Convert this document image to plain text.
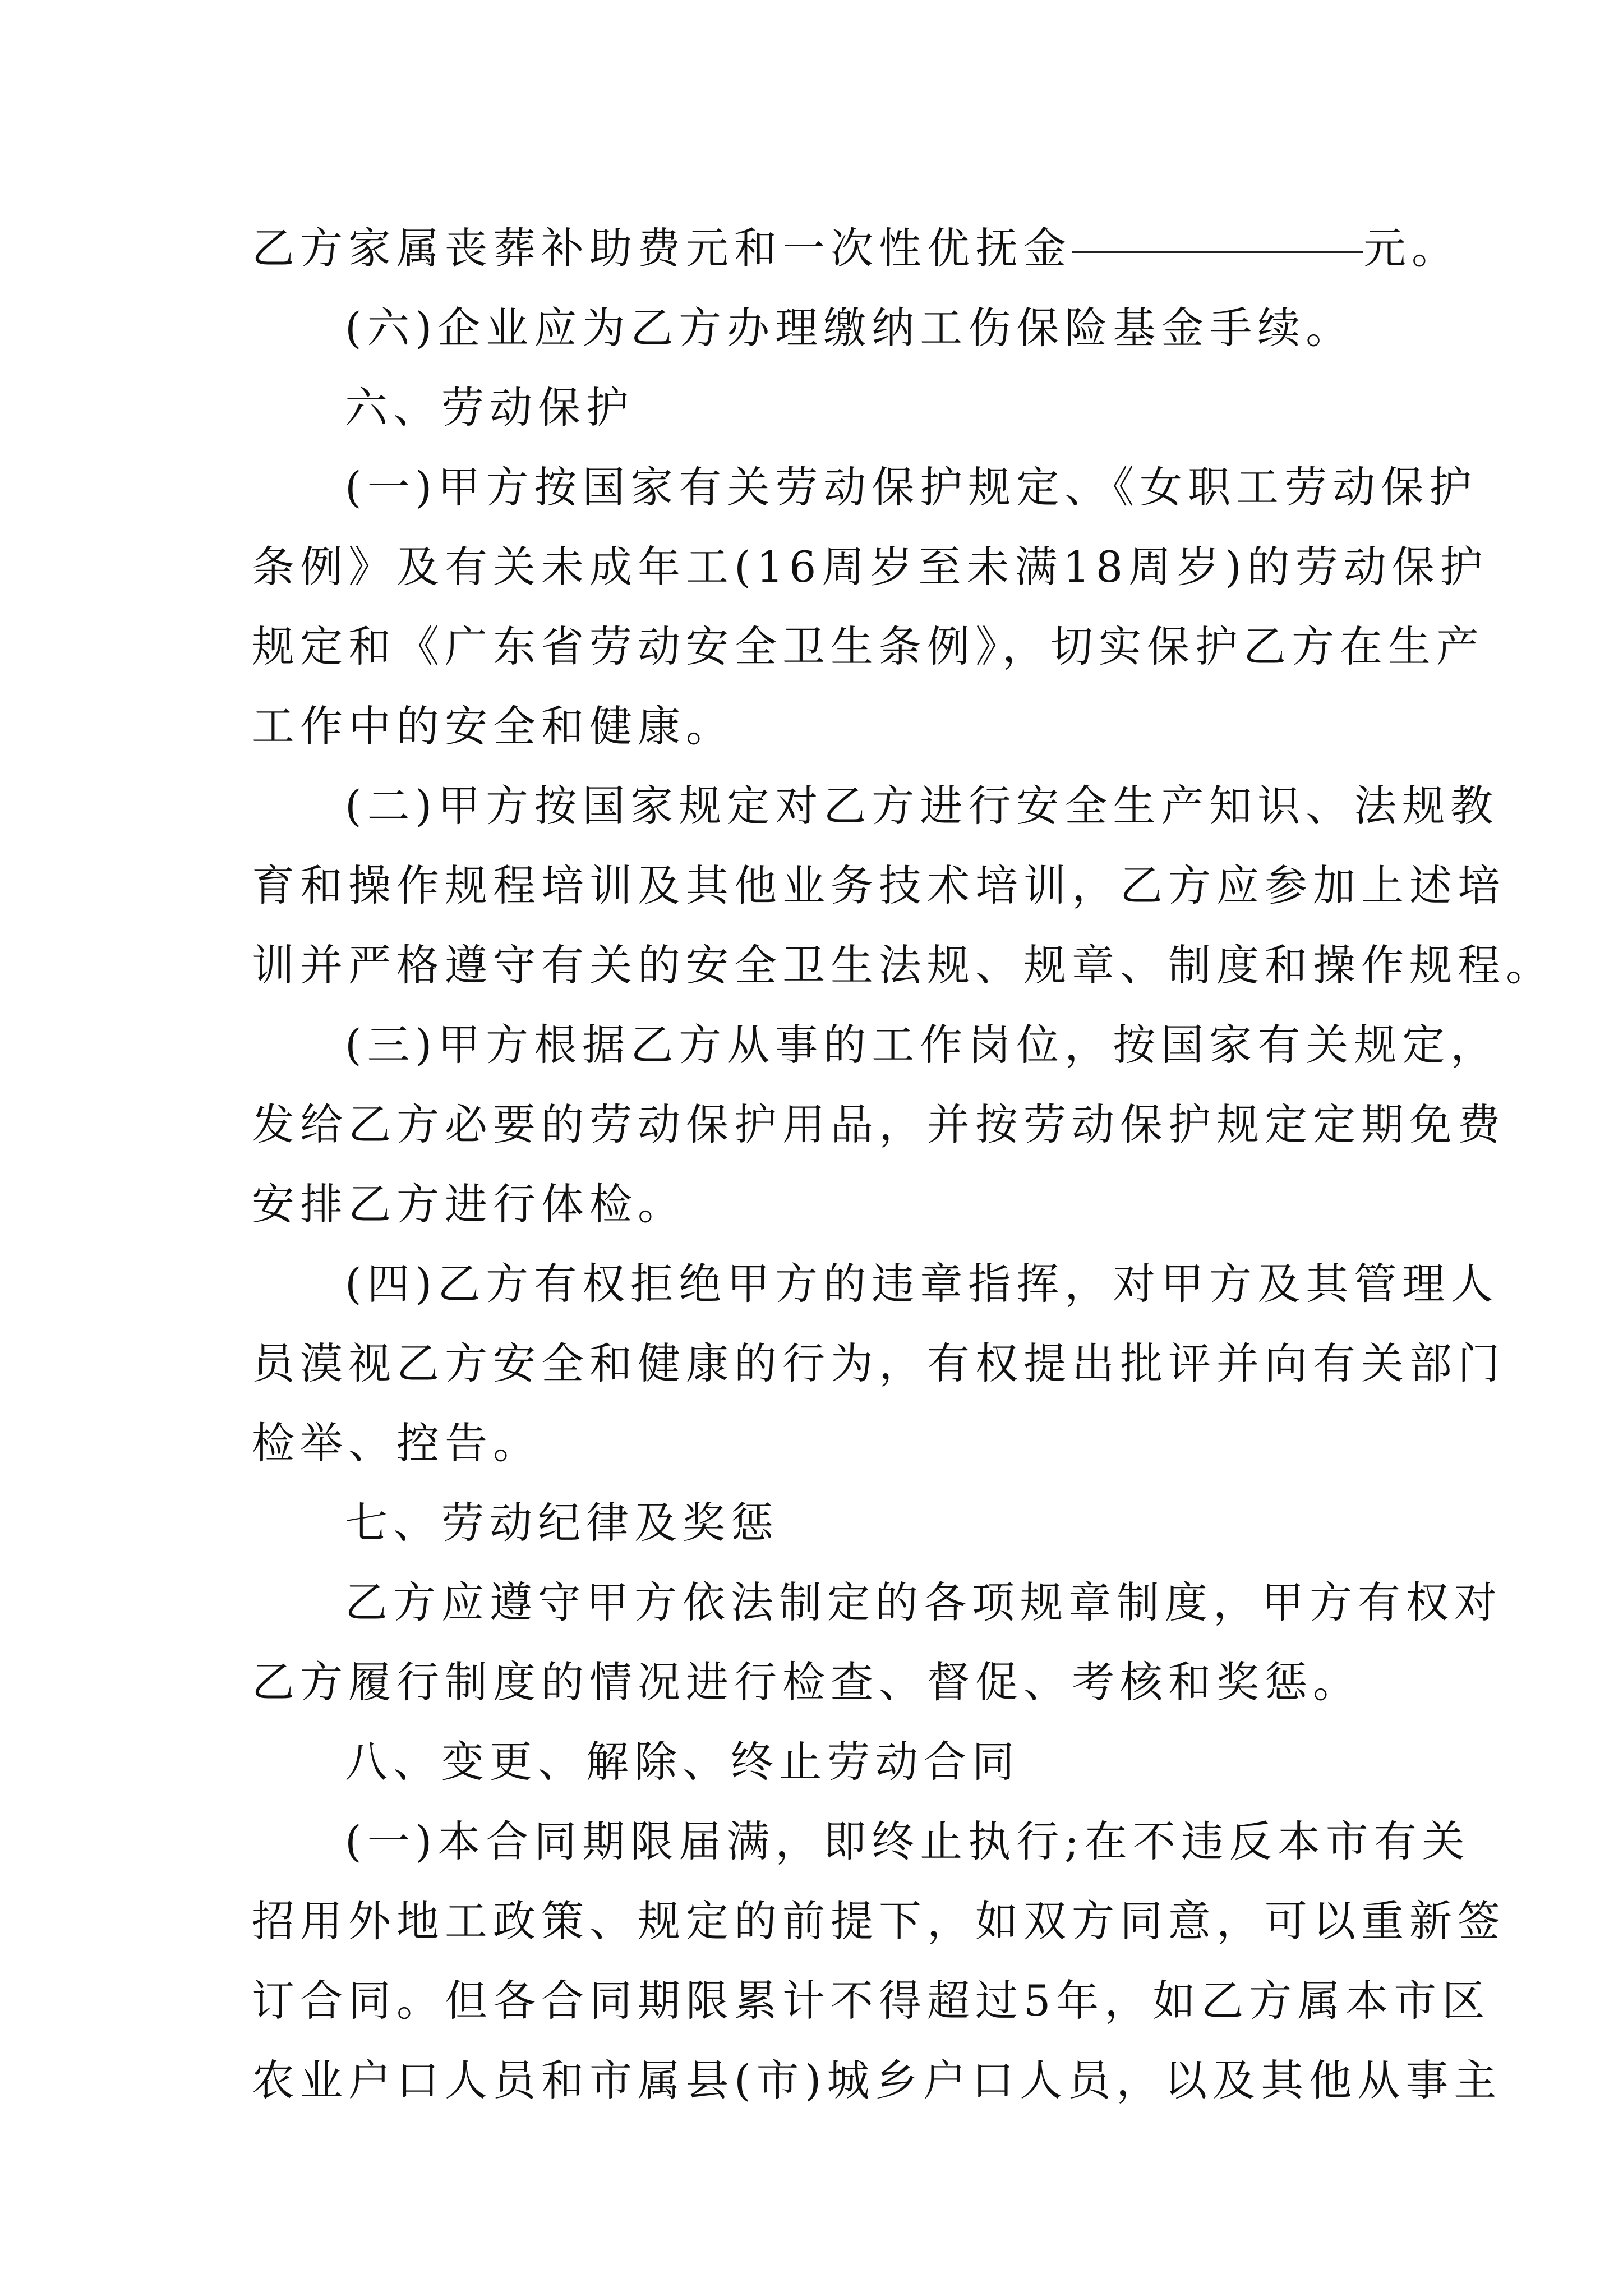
乙方家属丧葬补助费元和一次性优抚金	元。
(六)企业应为乙方办理缴纳工伤保险基金手续。
六、劳动保护
(一)甲方按国家有关劳动保护规定、《女职工劳动保护
条例》及有关未成年工(16周岁至未满18周岁)的劳动保护
规定和《广东省劳动安全卫生条例》，切实保护乙方在生产
工作中的安全和健康。
(二)甲方按国家规定对乙方进行安全生产知识、法规教
育和操作规程培训及其他业务技术培训，乙方应参加上述培
训并严格遵守有关的安全卫生法规、规章、制度和操作规程。
(三)甲方根据乙方从事的工作岗位，按国家有关规定，
发给乙方必要的劳动保护用品，并按劳动保护规定定期免费
安排乙方进行体检。
(四)乙方有权拒绝甲方的违章指挥，对甲方及其管理人
员漠视乙方安全和健康的行为，有权提出批评并向有关部门
检举、控告。
七、劳动纪律及奖惩
乙方应遵守甲方依法制定的各项规章制度，甲方有权对
乙方履行制度的情况进行检查、督促、考核和奖惩。
八、变更、解除、终止劳动合同
(一)本合同期限届满，即终止执行;在不违反本市有关
招用外地工政策、规定的前提下，如双方同意，可以重新签
订合同。但各合同期限累计不得超过5年，如乙方属本市区
农业户口人员和市属县(市)城乡户口人员，以及其他从事主
